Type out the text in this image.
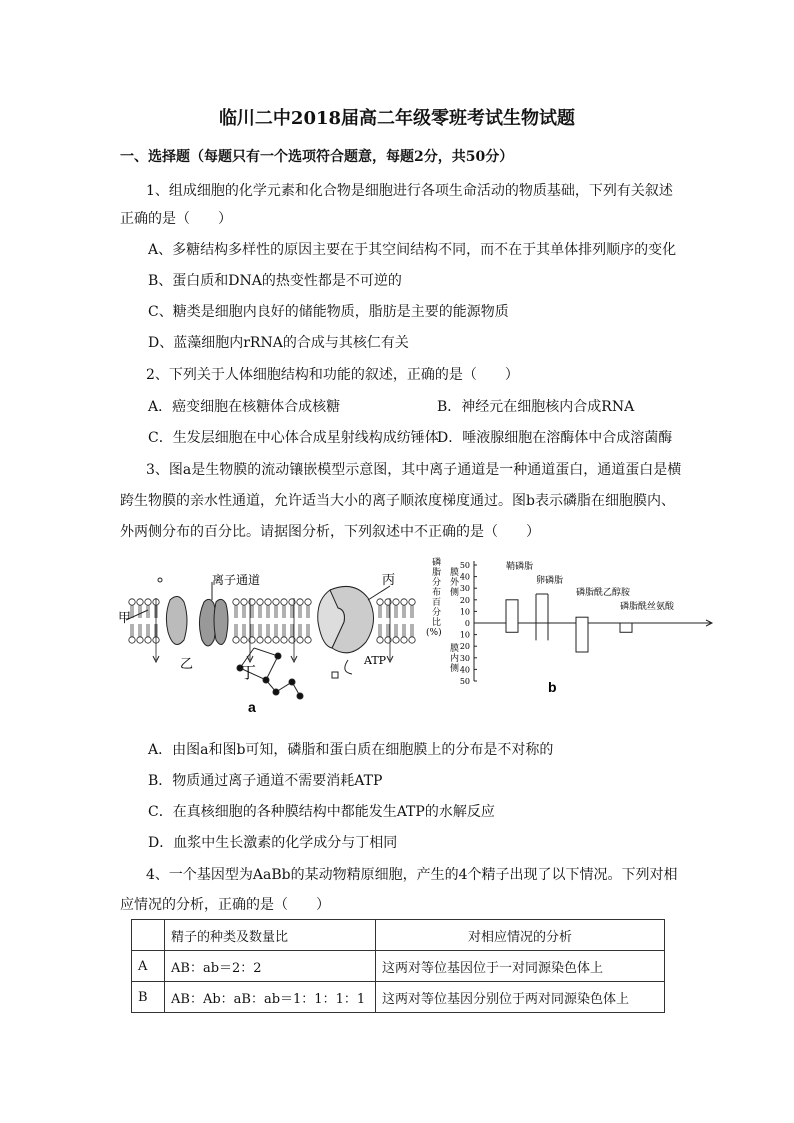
临川二中2018届高二年级零班考试生物试题
一、选择题（每题只有一个选项符合题意，每题2分，共50分）
1、组成细胞的化学元素和化合物是细胞进行各项生命活动的物质基础，下列有关叙述
正确的是（　　）
A、多糖结构多样性的原因主要在于其空间结构不同，而不在于其单体排列顺序的变化
B、蛋白质和DNA的热变性都是不可逆的
C、糖类是细胞内良好的储能物质，脂肪是主要的能源物质
D、蓝藻细胞内rRNA的合成与其核仁有关
2、下列关于人体细胞结构和功能的叙述，正确的是（　　）
A．癌变细胞在核糖体合成核糖	B．神经元在细胞核内合成RNA
C．生发层细胞在中心体合成星射线构成纺锤体
D．唾液腺细胞在溶酶体中合成溶菌酶
3、图a是生物膜的流动镶嵌模型示意图，其中离子通道是一种通道蛋白，通道蛋白是横
跨生物膜的亲水性通道，允许适当大小的离子顺浓度梯度通过。图b表示磷脂在细胞膜内、
外两侧分布的百分比。请据图分析，下列叙述中不正确的是（　　）
甲
乙
丙
丁
离子通道
ATP
a
磷脂分布百分比(%)
膜外侧
膜内侧
50
40
30
20
10
0
10
20
30
40
50
鞘磷脂
卵磷脂
磷脂酰乙醇胺
磷脂酰丝氨酸
b
A．由图a和图b可知，磷脂和蛋白质在细胞膜上的分布是不对称的
B．物质通过离子通道不需要消耗ATP
C．在真核细胞的各种膜结构中都能发生ATP的水解反应
D．血浆中生长激素的化学成分与丁相同
4、一个基因型为AaBb的某动物精原细胞，产生的4个精子出现了以下情况。下列对相
应情况的分析，正确的是（　　）
	精子的种类及数量比	对相应情况的分析
A	AB：ab＝2：2	这两对等位基因位于一对同源染色体上
B	AB：Ab：aB：ab＝1：1：1：1	这两对等位基因分别位于两对同源染色体上
